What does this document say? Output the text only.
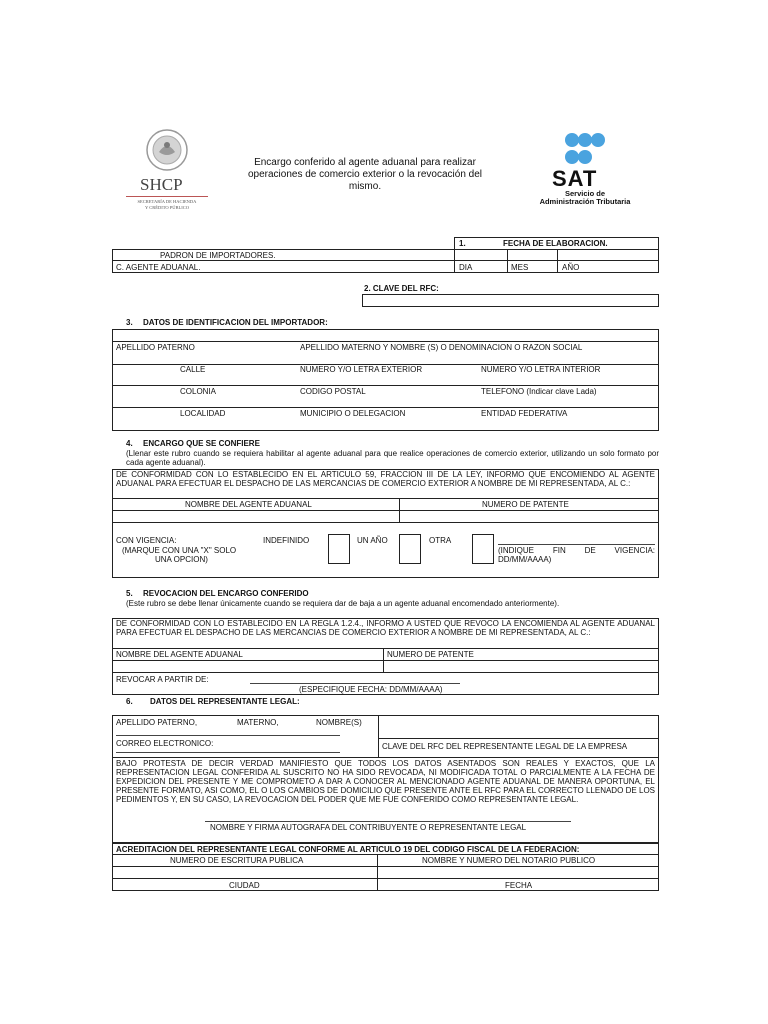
SHCP
SECRETARÍA DE HACIENDA
Y CRÉDITO PÚBLICO
Encargo conferido al agente aduanal para realizar
operaciones de comercio exterior o la revocación del
mismo.	SAT
Servicio de
Administración Tributaria
1.	FECHA DE ELABORACION.
PADRON DE IMPORTADORES.
C. AGENTE ADUANAL.	DIA	MES	AÑO
2. CLAVE DEL RFC:
3. DATOS DE IDENTIFICACION DEL IMPORTADOR:
APELLIDO PATERNO	APELLIDO MATERNO Y NOMBRE (S) O DENOMINACION O RAZON SOCIAL
CALLE	NUMERO Y/O LETRA EXTERIOR	NUMERO Y/O LETRA INTERIOR
COLONIA	CODIGO POSTAL	TELEFONO (Indicar clave Lada)
LOCALIDAD	MUNICIPIO O DELEGACION	ENTIDAD FEDERATIVA
4. ENCARGO QUE SE CONFIERE
(Llenar este rubro cuando se requiera habilitar al agente aduanal para que realice operaciones de comercio exterior, utilizando un solo formato por cada agente aduanal).
DE CONFORMIDAD CON LO ESTABLECIDO EN EL ARTICULO 59, FRACCION III DE LA LEY, INFORMO QUE ENCOMIENDO AL AGENTE ADUANAL PARA EFECTUAR EL DESPACHO DE LAS MERCANCIAS DE COMERCIO EXTERIOR A NOMBRE DE MI REPRESENTADA, AL C.:
NOMBRE DEL AGENTE ADUANAL	NUMERO DE PATENTE
CON VIGENCIA:
(MARQUE CON UNA "X" SOLO
UNA OPCION)
INDEFINIDO	UN AÑO	OTRA
(INDIQUE FIN DE VIGENCIA: DD/MM/AAAA)
5. REVOCACION DEL ENCARGO CONFERIDO
(Este rubro se debe llenar únicamente cuando se requiera dar de baja a un agente aduanal encomendado anteriormente).
DE CONFORMIDAD CON LO ESTABLECIDO EN LA REGLA 1.2.4., INFORMO A USTED QUE REVOCO LA ENCOMIENDA AL AGENTE ADUANAL PARA EFECTUAR EL DESPACHO DE LAS MERCANCIAS DE COMERCIO EXTERIOR A NOMBRE DE MI REPRESENTADA, AL C.:
NOMBRE DEL AGENTE ADUANAL	NUMERO DE PATENTE
REVOCAR A PARTIR DE:
(ESPECIFIQUE FECHA: DD/MM/AAAA)
6. DATOS DEL REPRESENTANTE LEGAL:
APELLIDO PATERNO,	MATERNO,	NOMBRE(S)
CORREO ELECTRONICO:	CLAVE DEL RFC DEL REPRESENTANTE LEGAL DE LA EMPRESA
BAJO PROTESTA DE DECIR VERDAD MANIFIESTO QUE TODOS LOS DATOS ASENTADOS SON REALES Y EXACTOS, QUE LA REPRESENTACION LEGAL CONFERIDA AL SUSCRITO NO HA SIDO REVOCADA, NI MODIFICADA TOTAL O PARCIALMENTE A LA FECHA DE EXPEDICION DEL PRESENTE Y ME COMPROMETO A DAR A CONOCER AL MENCIONADO AGENTE ADUANAL DE MANERA OPORTUNA, EL PRESENTE FORMATO, ASI COMO, EL O LOS CAMBIOS DE DOMICILIO QUE PRESENTE ANTE EL RFC PARA EL CORRECTO LLENADO DE LOS PEDIMENTOS Y, EN SU CASO, LA REVOCACION DEL PODER QUE ME FUE CONFERIDO COMO REPRESENTANTE LEGAL.
NOMBRE Y FIRMA AUTOGRAFA DEL CONTRIBUYENTE O REPRESENTANTE LEGAL
ACREDITACION DEL REPRESENTANTE LEGAL CONFORME AL ARTICULO 19 DEL CODIGO FISCAL DE LA FEDERACION:
NUMERO DE ESCRITURA PUBLICA	NOMBRE Y NUMERO DEL NOTARIO PUBLICO
CIUDAD	FECHA
